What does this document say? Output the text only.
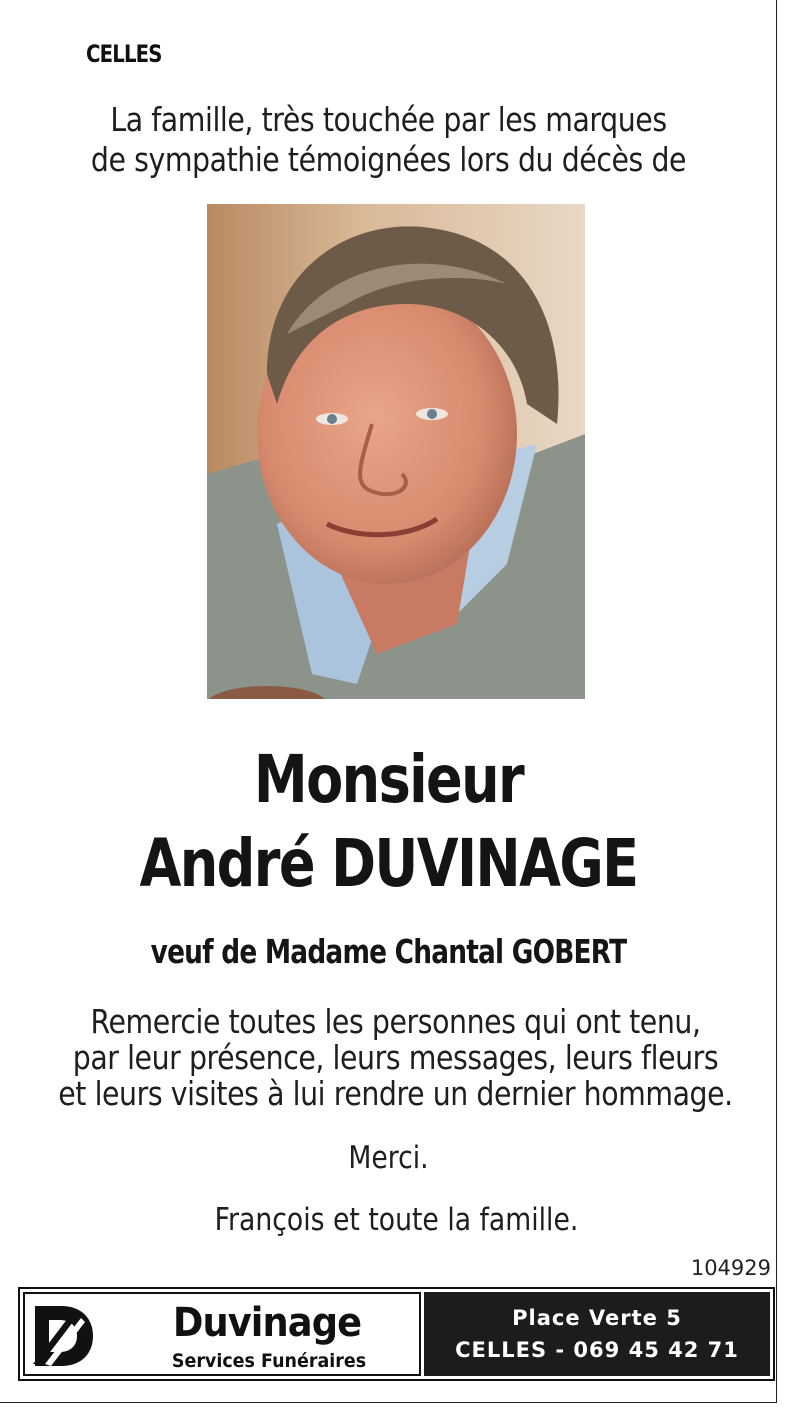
CELLES
La famille, très touchée par les marques
de sympathie témoignées lors du décès de
Monsieur
André DUVINAGE
veuf de Madame Chantal GOBERT
Remercie toutes les personnes qui ont tenu,
par leur présence, leurs messages, leurs fleurs
et leurs visites à lui rendre un dernier hommage.
Merci.
François et toute la famille.
104929
Duvinage
Services Funéraires
Place Verte 5
CELLES - 069 45 42 71
